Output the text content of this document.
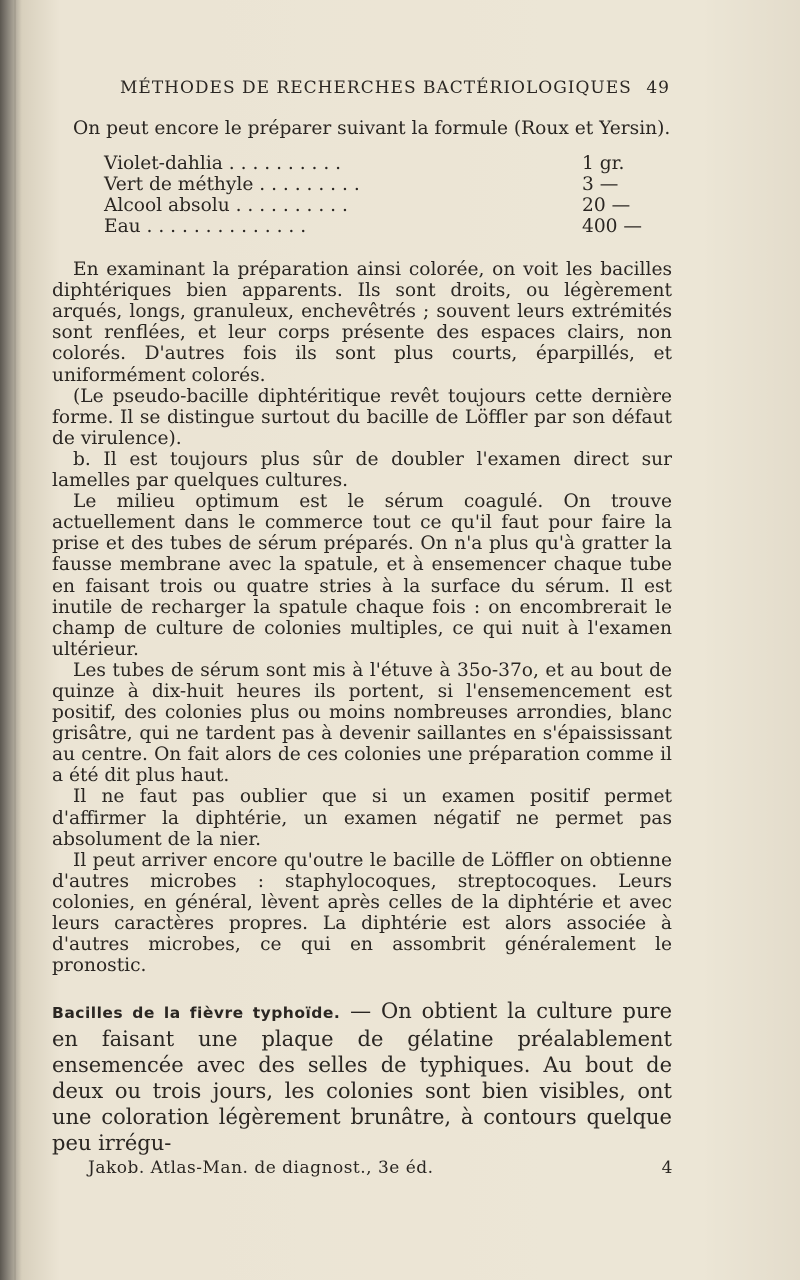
MÉTHODES DE RECHERCHES BACTÉRIOLOGIQUES 49

On peut encore le préparer suivant la formule (Roux et Yersin).

Violet-dahlia . . . . . . . . . .	1 gr.
Vert de méthyle . . . . . . . . .	3 —
Alcool absolu . . . . . . . . . .	20 —
Eau . . . . . . . . . . . . . .	400 —

En examinant la préparation ainsi colorée, on voit les bacilles diphtériques bien apparents. Ils sont droits, ou légèrement arqués, longs, granuleux, enchevêtrés ; souvent leurs extrémités sont renflées, et leur corps présente des espaces clairs, non colorés. D'autres fois ils sont plus courts, éparpillés, et uniformément colorés.

(Le pseudo-bacille diphtéritique revêt toujours cette dernière forme. Il se distingue surtout du bacille de Löffler par son défaut de virulence).

b. Il est toujours plus sûr de doubler l'examen direct sur lamelles par quelques cultures.

Le milieu optimum est le sérum coagulé. On trouve actuellement dans le commerce tout ce qu'il faut pour faire la prise et des tubes de sérum préparés. On n'a plus qu'à gratter la fausse membrane avec la spatule, et à ensemencer chaque tube en faisant trois ou quatre stries à la surface du sérum. Il est inutile de recharger la spatule chaque fois : on encombrerait le champ de culture de colonies multiples, ce qui nuit à l'examen ultérieur.

Les tubes de sérum sont mis à l'étuve à 35o-37o, et au bout de quinze à dix-huit heures ils portent, si l'ensemencement est positif, des colonies plus ou moins nombreuses arrondies, blanc grisâtre, qui ne tardent pas à devenir saillantes en s'épaississant au centre. On fait alors de ces colonies une préparation comme il a été dit plus haut.

Il ne faut pas oublier que si un examen positif permet d'affirmer la diphtérie, un examen négatif ne permet pas absolument de la nier.

Il peut arriver encore qu'outre le bacille de Löffler on obtienne d'autres microbes : staphylocoques, streptocoques. Leurs colonies, en général, lèvent après celles de la diphtérie et avec leurs caractères propres. La diphtérie est alors associée à d'autres microbes, ce qui en assombrit généralement le pronostic.

Bacilles de la fièvre typhoïde. — On obtient la culture pure en faisant une plaque de gélatine préalablement ensemencée avec des selles de typhiques. Au bout de deux ou trois jours, les colonies sont bien visibles, ont une coloration légèrement brunâtre, à contours quelque peu irrégu-

Jakob. Atlas-Man. de diagnost., 3e éd.	4
